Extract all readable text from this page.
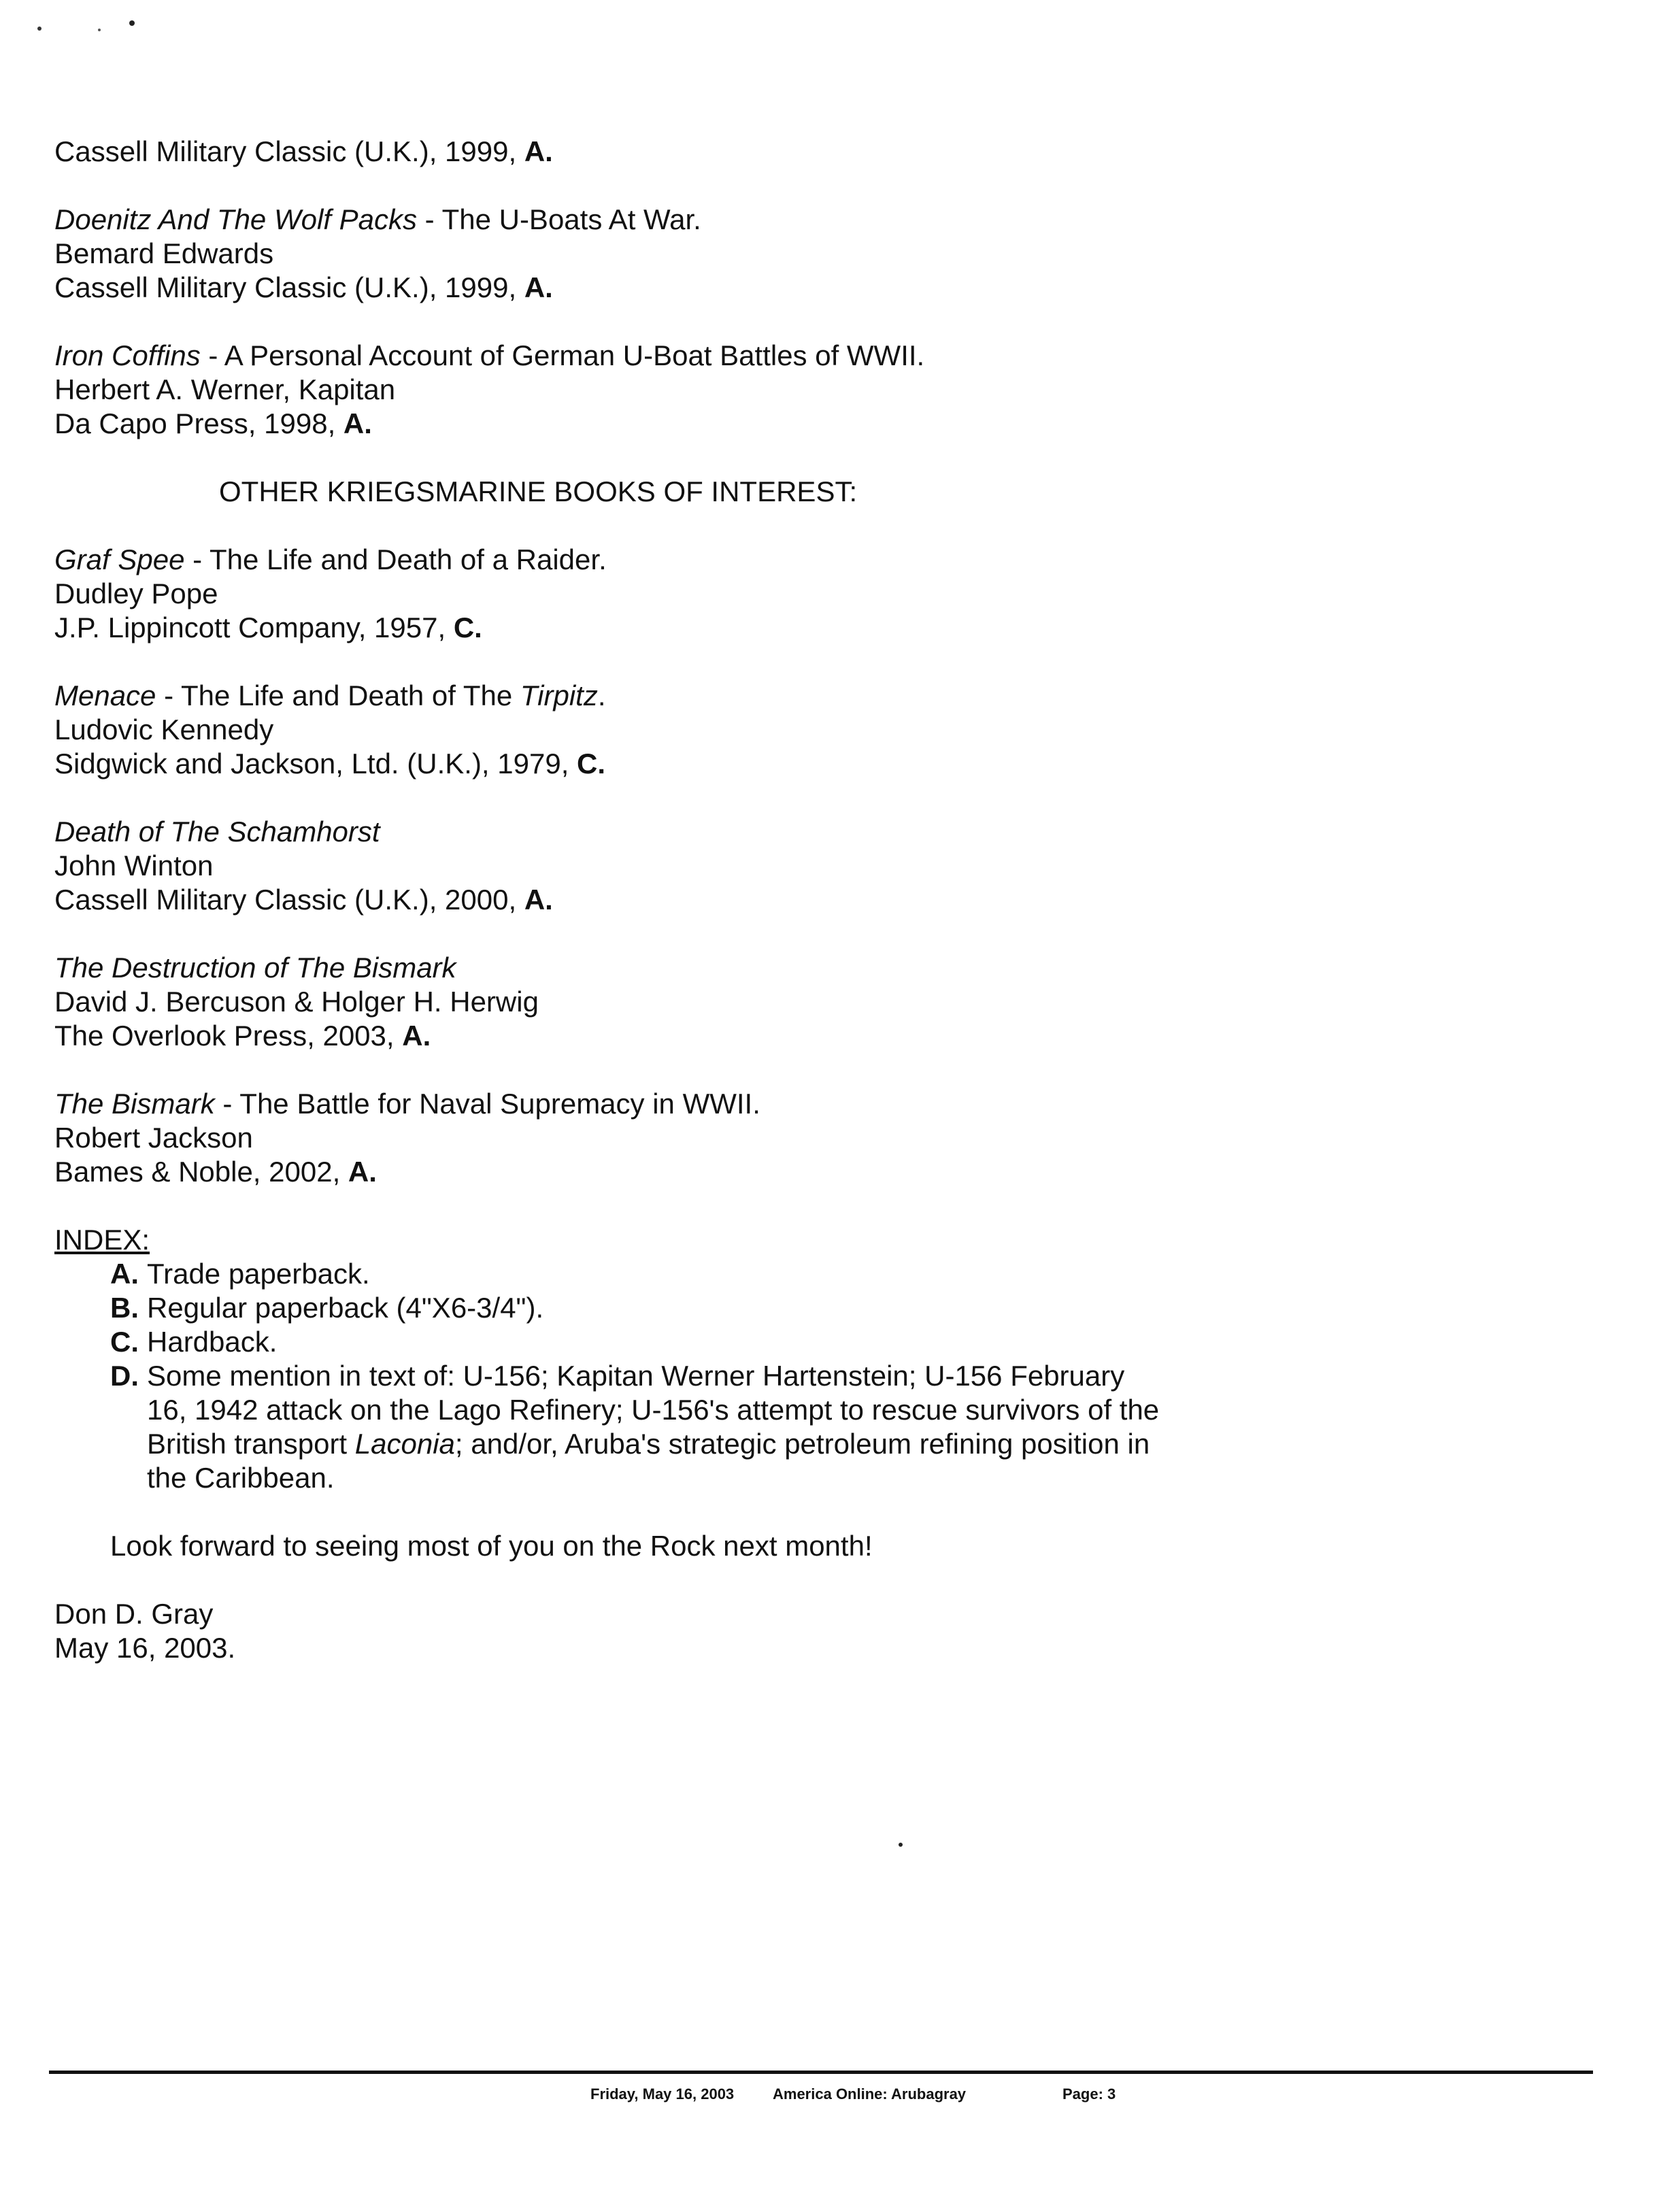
Cassell Military Classic (U.K.), 1999, A.
Doenitz And The Wolf Packs - The U-Boats At War.
Bemard Edwards
Cassell Military Classic (U.K.), 1999, A.
Iron Coffins - A Personal Account of German U-Boat Battles of WWII.
Herbert A. Werner, Kapitan
Da Capo Press, 1998, A.
OTHER KRIEGSMARINE BOOKS OF INTEREST:
Graf Spee - The Life and Death of a Raider.
Dudley Pope
J.P. Lippincott Company, 1957, C.
Menace - The Life and Death of The Tirpitz.
Ludovic Kennedy
Sidgwick and Jackson, Ltd. (U.K.), 1979, C.
Death of The Schamhorst
John Winton
Cassell Military Classic (U.K.), 2000, A.
The Destruction of The Bismark
David J. Bercuson & Holger H. Herwig
The Overlook Press, 2003, A.
The Bismark - The Battle for Naval Supremacy in WWII.
Robert Jackson
Bames & Noble, 2002, A.
INDEX:
A. Trade paperback.
B. Regular paperback (4"X6-3/4").
C. Hardback.
D. Some mention in text of: U-156; Kapitan Werner Hartenstein; U-156 February 16, 1942 attack on the Lago Refinery; U-156's attempt to rescue survivors of the British transport Laconia; and/or, Aruba's strategic petroleum refining position in the Caribbean.
Look forward to seeing most of you on the Rock next month!
Don D. Gray
May 16, 2003.
Friday, May 16, 2003	America Online: Arubagray	Page: 3
